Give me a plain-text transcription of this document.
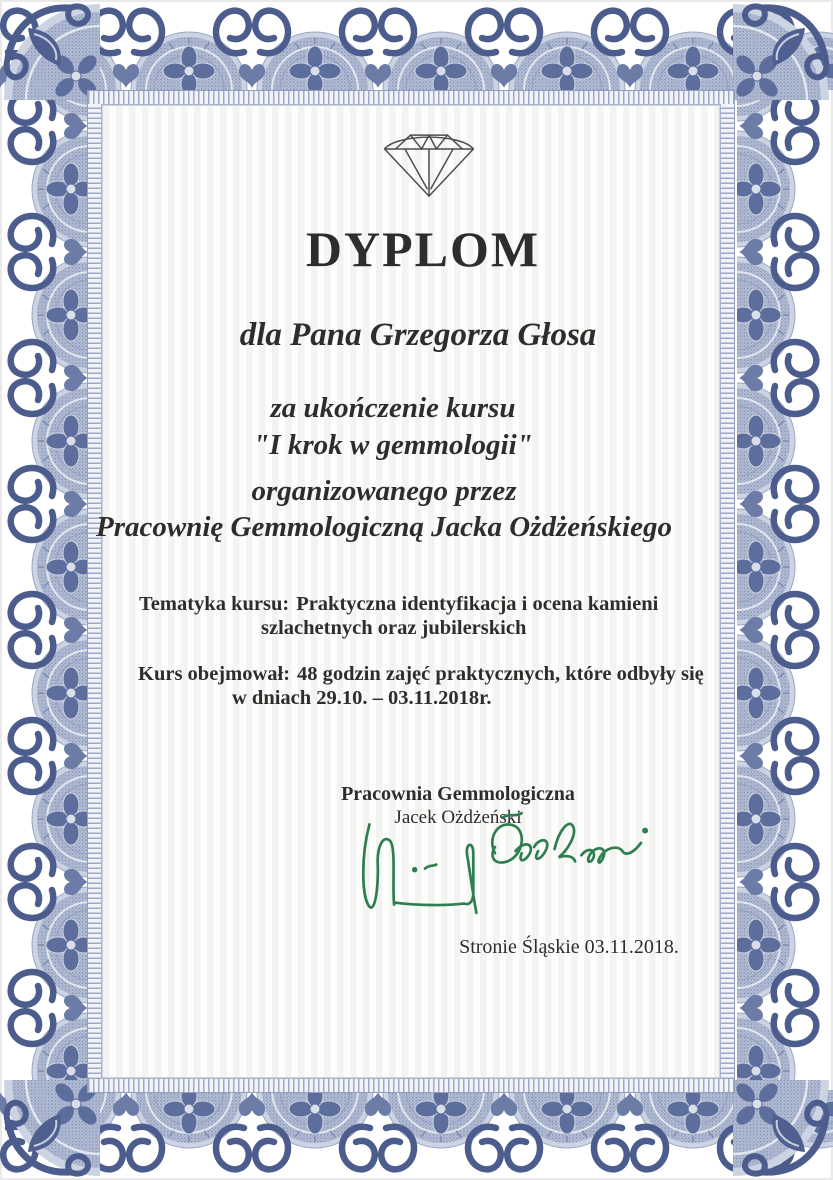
DYPLOM
dla Pana Grzegorza Głosa
za ukończenie kursu
"I krok w gemmologii"
organizowanego przez
Pracownię Gemmologiczną Jacka Ożdżeńskiego
Tematyka kursu: Praktyczna identyfikacja i ocena kamieni
szlachetnych oraz jubilerskich
Kurs obejmował: 48 godzin zajęć praktycznych, które odbyły się
w dniach 29.10. – 03.11.2018r.
Pracownia Gemmologiczna
Jacek Ożdżeński
Stronie Śląskie 03.11.2018.
